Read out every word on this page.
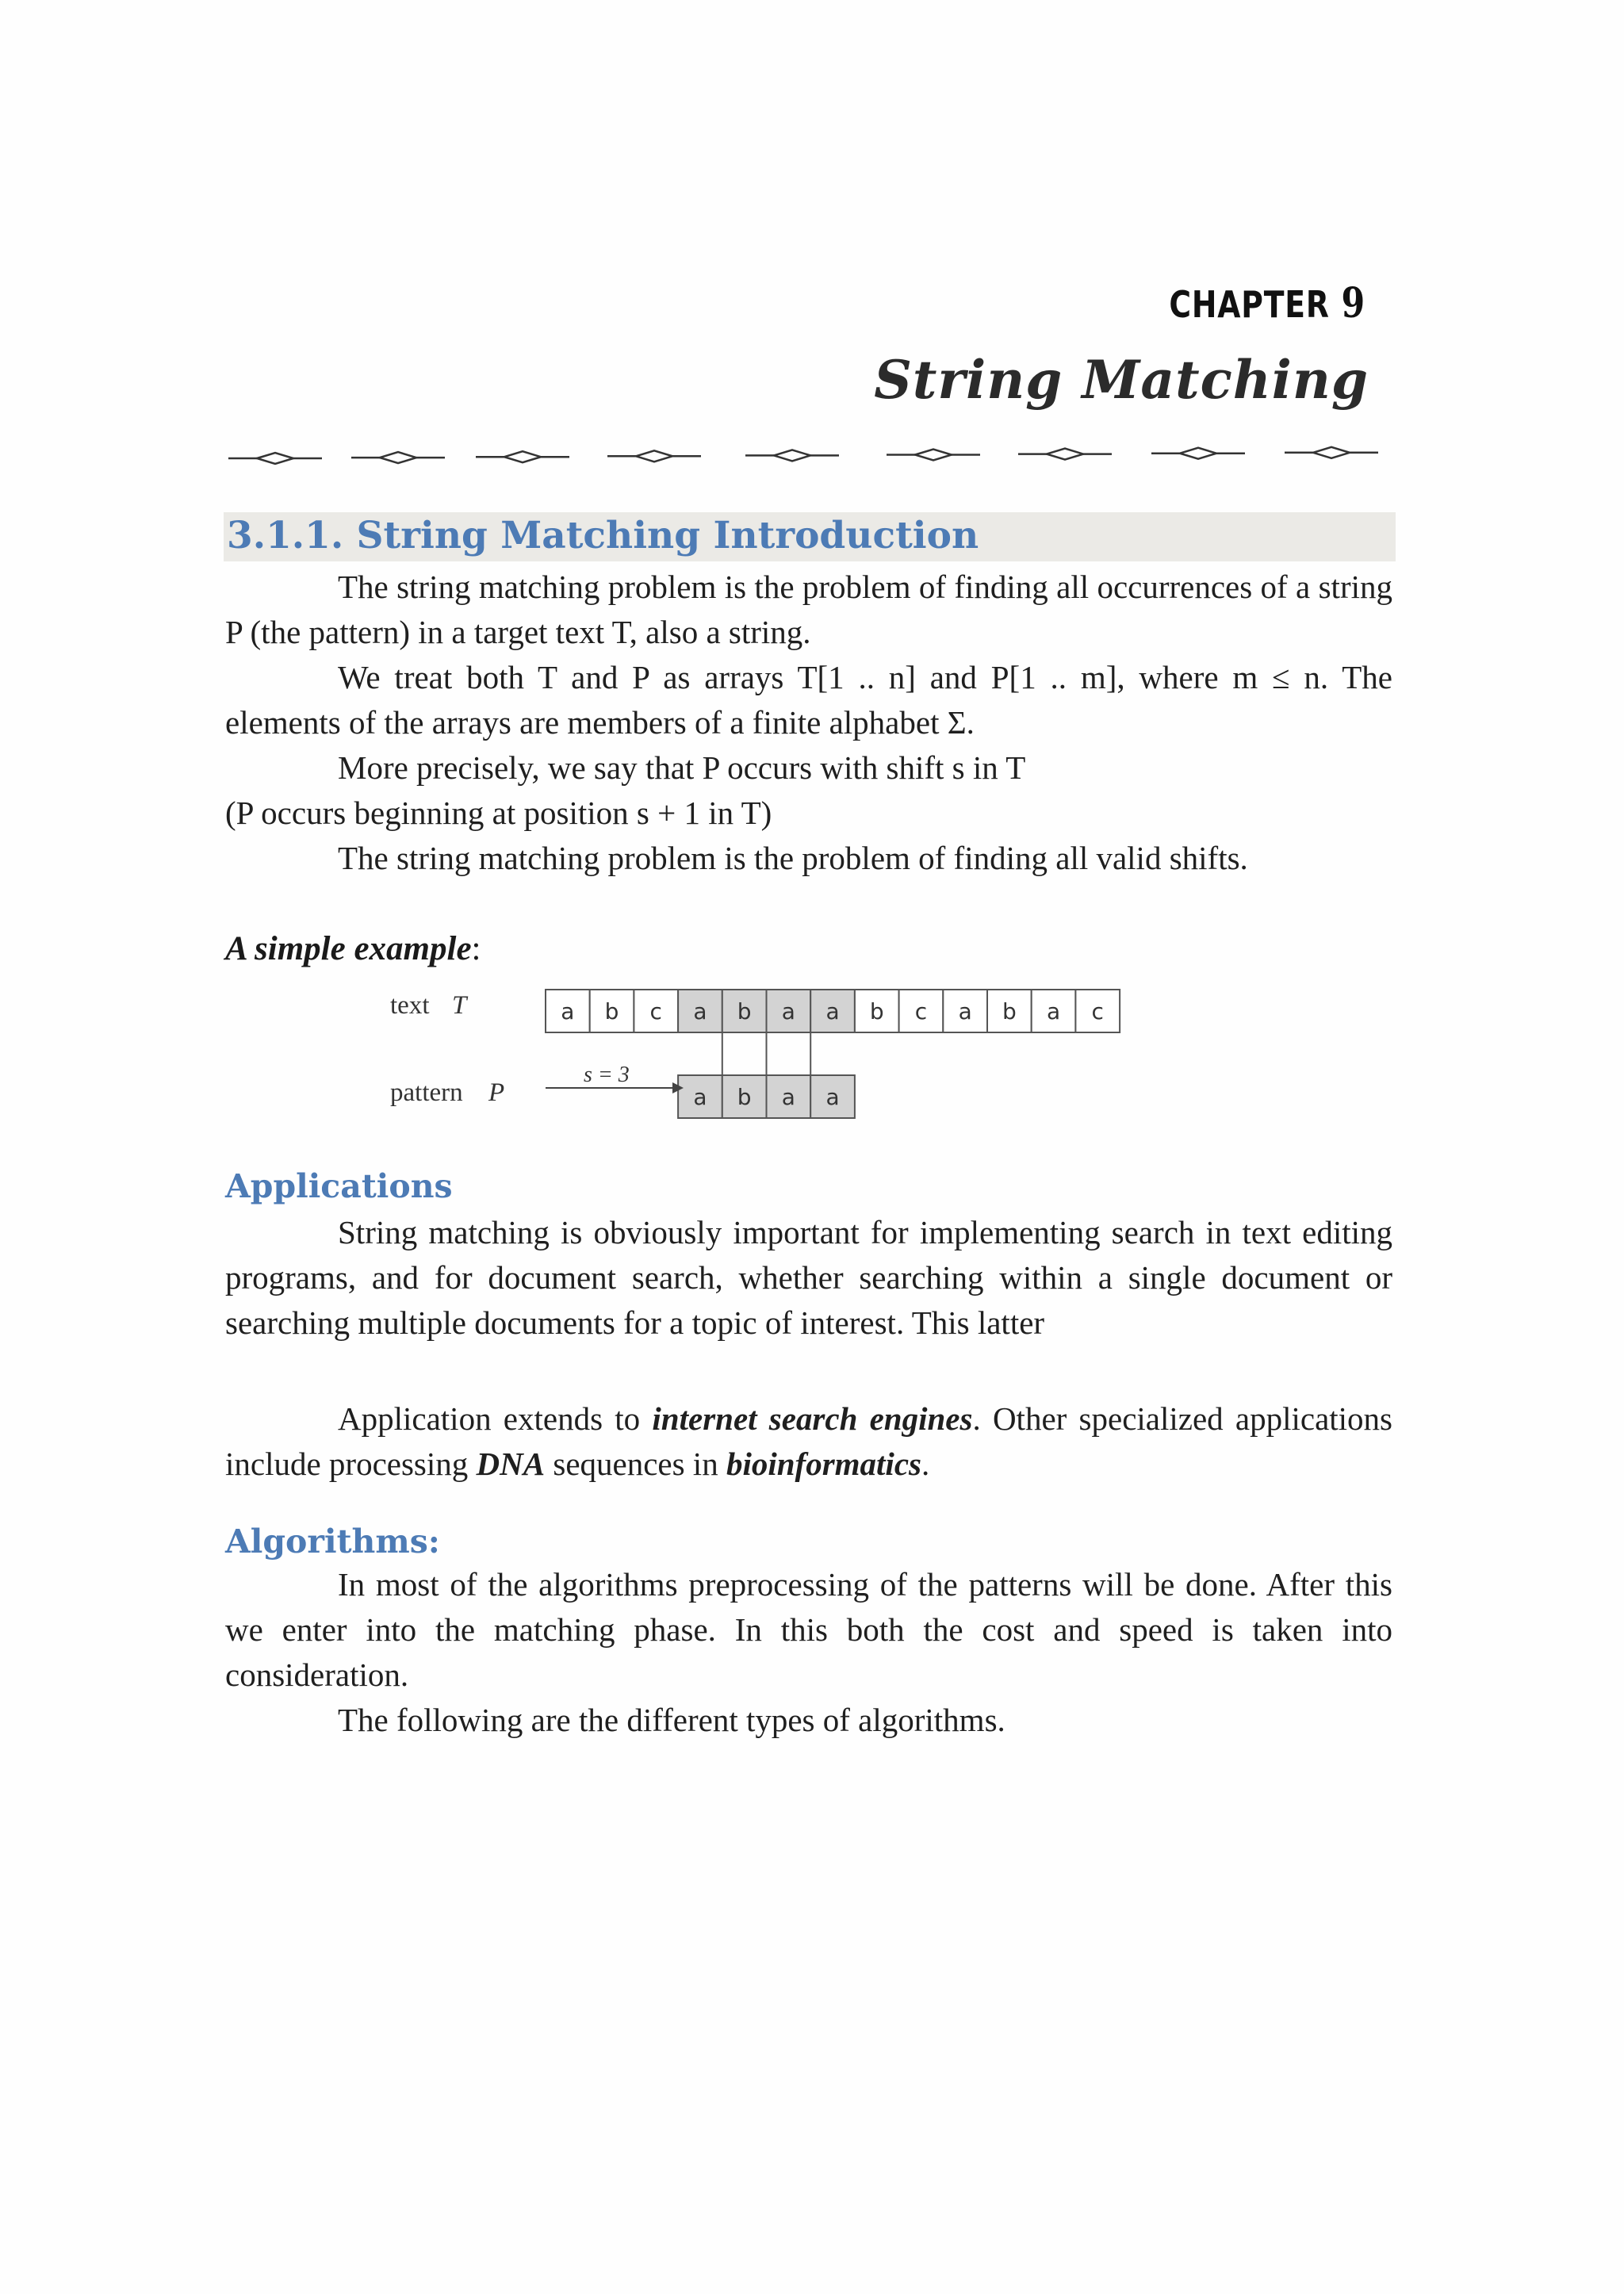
CHAPTER 9
String Matching
3.1.1. String Matching Introduction
The string matching problem is the problem of finding all occurrences of a string P (the pattern) in a target text T, also a string.
We treat both T and P as arrays T[1 .. n] and P[1 .. m], where m ≤ n. The elements of the arrays are members of a finite alphabet Σ.
More precisely, we say that P occurs with shift s in T
(P occurs beginning at position s + 1 in T)
The string matching problem is the problem of finding all valid shifts.
A simple example:
text T
pattern P
s = 3
a b c a b a a b c a b a c
a b a a
Applications
String matching is obviously important for implementing search in text editing programs, and for document search, whether searching within a single document or searching multiple documents for a topic of interest. This latter
Application extends to internet search engines. Other specialized applications include processing DNA sequences in bioinformatics.
Algorithms:
In most of the algorithms preprocessing of the patterns will be done. After this we enter into the matching phase. In this both the cost and speed is taken into consideration.
The following are the different types of algorithms.
